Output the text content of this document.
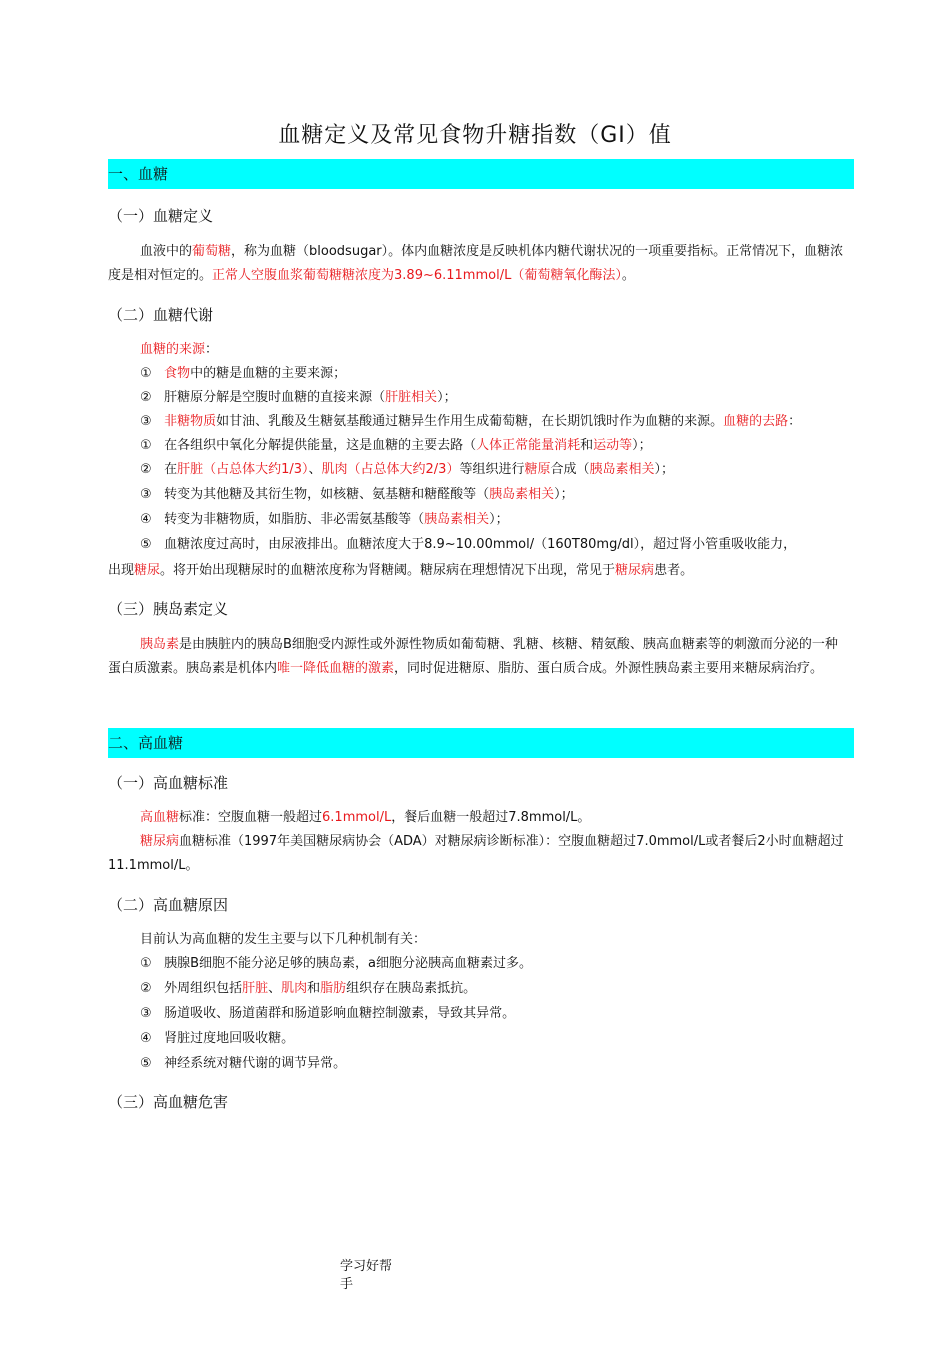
血糖定义及常见食物升糖指数（GI）值
一、血糖
（一）血糖定义
血液中的葡萄糖，称为血糖（bloodsugar）。体内血糖浓度是反映机体内糖代谢状况的一项重要指标。正常情况下，血糖浓度是相对恒定的。正常人空腹血浆葡萄糖糖浓度为3.89~6.11mmol/L（葡萄糖氧化酶法）。
（二）血糖代谢
血糖的来源：
① 食物中的糖是血糖的主要来源；
② 肝糖原分解是空腹时血糖的直接来源（肝脏相关）；
③ 非糖物质如甘油、乳酸及生糖氨基酸通过糖异生作用生成葡萄糖，在长期饥饿时作为血糖的来源。血糖的去路：
① 在各组织中氧化分解提供能量，这是血糖的主要去路（人体正常能量消耗和运动等）；
② 在肝脏（占总体大约1/3）、肌肉（占总体大约2/3）等组织进行糖原合成（胰岛素相关）；
③ 转变为其他糖及其衍生物，如核糖、氨基糖和糖醛酸等（胰岛素相关）；
④ 转变为非糖物质，如脂肪、非必需氨基酸等（胰岛素相关）；
⑤ 血糖浓度过高时，由尿液排出。血糖浓度大于8.9~10.00mmol/（160T80mg/dl），超过肾小管重吸收能力，
出现糖尿。将开始出现糖尿时的血糖浓度称为肾糖阈。糖尿病在理想情况下出现，常见于糖尿病患者。
（三）胰岛素定义
胰岛素是由胰脏内的胰岛B细胞受内源性或外源性物质如葡萄糖、乳糖、核糖、精氨酸、胰高血糖素等的刺激而分泌的一种蛋白质激素。胰岛素是机体内唯一降低血糖的激素，同时促进糖原、脂肪、蛋白质合成。外源性胰岛素主要用来糖尿病治疗。
二、高血糖
（一）高血糖标准
高血糖标准：空腹血糖一般超过6.1mmol/L，餐后血糖一般超过7.8mmol/L。
糖尿病血糖标准（1997年美国糖尿病协会（ADA）对糖尿病诊断标准）：空腹血糖超过7.0mmol/L或者餐后2小时血糖超过11.1mmol/L。
（二）高血糖原因
目前认为高血糖的发生主要与以下几种机制有关：
① 胰腺B细胞不能分泌足够的胰岛素，a细胞分泌胰高血糖素过多。
② 外周组织包括肝脏、肌肉和脂肪组织存在胰岛素抵抗。
③ 肠道吸收、肠道菌群和肠道影响血糖控制激素，导致其异常。
④ 肾脏过度地回吸收糖。
⑤ 神经系统对糖代谢的调节异常。
（三）高血糖危害
学习好帮手
